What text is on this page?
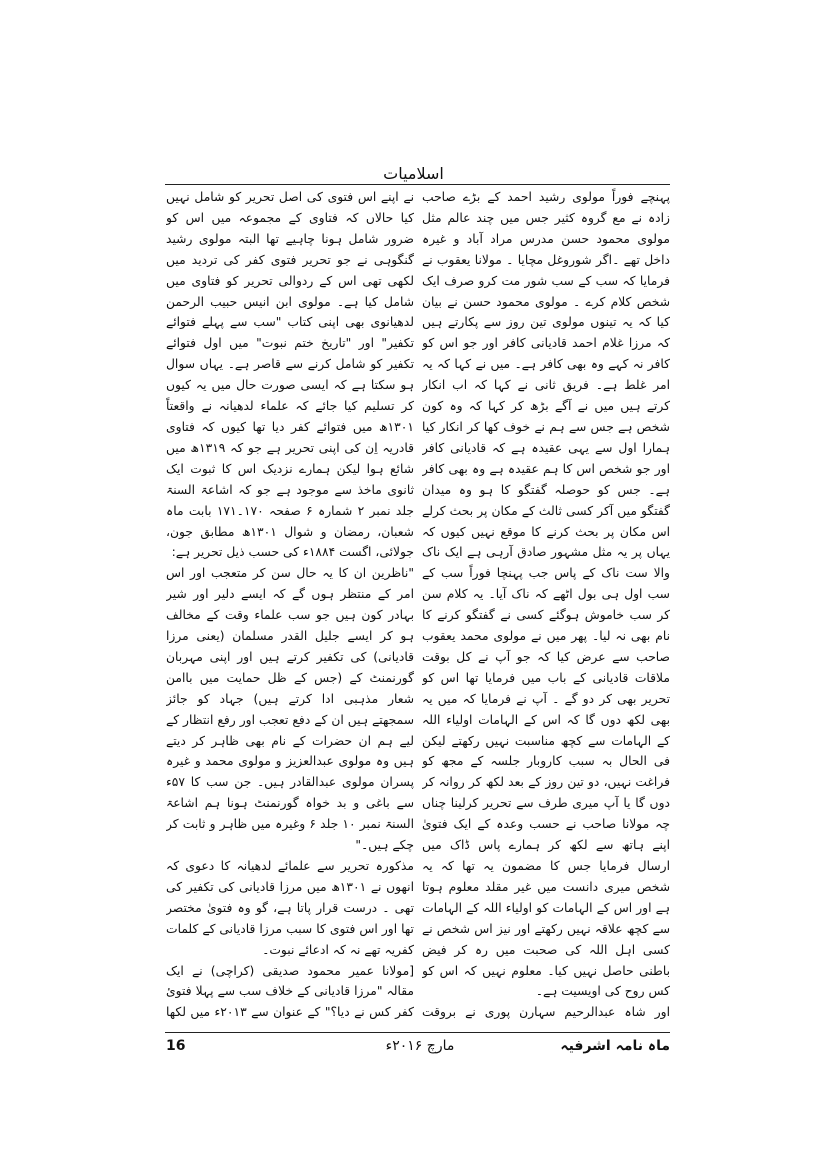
اسلامیات

پہنچے فوراً مولوی رشید احمد کے بڑے صاحب زادہ نے مع گروہ کثیر جس میں چند عالم مثل مولوی محمود حسن مدرس مراد آباد و غیرہ داخل تھے ۔اگر شوروغل مچایا ۔ مولانا یعقوب نے فرمایا کہ سب کے سب شور مت کرو صرف ایک شخص کلام کرے ۔ مولوی محمود حسن نے بیان کیا کہ یہ تینوں مولوی تین روز سے پکارتے ہیں کہ مرزا غلام احمد قادیانی کافر اور جو اس کو کافر نہ کہے وہ بھی کافر ہے۔ میں نے کہا کہ یہ امر غلط ہے۔ فریق ثانی نے کہا کہ اب انکار کرتے ہیں میں نے آگے بڑھ کر کہا کہ وہ کون شخص ہے جس سے ہم نے خوف کھا کر انکار کیا ہمارا اول سے یہی عقیدہ ہے کہ قادیانی کافر اور جو شخص اس کا ہم عقیدہ ہے وہ بھی کافر ہے۔ جس کو حوصلہ گفتگو کا ہو وہ میدان گفتگو میں آکر کسی ثالث کے مکان پر بحث کرلے اس مکان پر بحث کرنے کا موقع نہیں کیوں کہ یہاں پر یہ مثل مشہور صادق آرہی ہے ایک ناک والا ست ناک کے پاس جب پہنچا فوراً سب کے سب اول ہی بول اٹھے کہ ناک آیا۔ یہ کلام سن کر سب خاموش ہوگئے کسی نے گفتگو کرنے کا نام بھی نہ لیا۔ پھر میں نے مولوی محمد یعقوب صاحب سے عرض کیا کہ جو آپ نے کل بوقت ملاقات قادیانی کے باب میں فرمایا تھا اس کو تحریر بھی کر دو گے ۔ آپ نے فرمایا کہ میں یہ بھی لکھ دوں گا کہ اس کے الہامات اولیاء اللہ کے الہامات سے کچھ مناسبت نہیں رکھتے لیکن فی الحال بہ سبب کاروبار جلسہ کے مجھ کو فراغت نہیں، دو تین روز کے بعد لکھ کر روانہ کر دوں گا یا آپ میری طرف سے تحریر کرلینا چناں چہ مولانا صاحب نے حسب وعدہ کے ایک فتویٰ اپنے ہاتھ سے لکھ کر ہمارے پاس ڈاک میں ارسال فرمایا جس کا مضمون یہ تھا کہ یہ شخص میری دانست میں غیر مقلد معلوم ہوتا ہے اور اس کے الہامات کو اولیاء اللہ کے الہامات سے کچھ علاقہ نہیں رکھتے اور نیز اس شخص نے کسی اہل اللہ کی صحبت میں رہ کر فیض باطنی حاصل نہیں کیا۔ معلوم نہیں کہ اس کو کس روح کی اویسیت ہے۔

اور شاہ عبدالرحیم سہارن پوری نے بروقت

نے اپنے اس فتوی کی اصل تحریر کو شامل نہیں کیا حالاں کہ فتاوی کے مجموعہ میں اس کو ضرور شامل ہونا چاہیے تھا البتہ مولوی رشید گنگوہی نے جو تحریر فتوی کفر کی تردید میں لکھی تھی اس کے ردوالی تحریر کو فتاوی میں شامل کیا ہے۔ مولوی ابن انیس حبیب الرحمن لدھیانوی بھی اپنی کتاب "سب سے پہلے فتوائے تکفیر" اور "تاریخ ختم نبوت" میں اول فتوائے تکفیر کو شامل کرنے سے قاصر ہے۔ یہاں سوال ہو سکتا ہے کہ ایسی صورت حال میں یہ کیوں کر تسلیم کیا جائے کہ علماء لدھیانہ نے واقعتاً ۱۳۰۱ھ میں فتوائے کفر دیا تھا کیوں کہ فتاوی قادریہ اِن کی اپنی تحریر ہے جو کہ ۱۳۱۹ھ میں شائع ہوا لیکن ہمارے نزدیک اس کا ثبوت ایک ثانوی ماخذ سے موجود ہے جو کہ اشاعۃ السنۃ جلد نمبر ۲ شمارہ ۶ صفحہ ۱۷۰۔۱۷۱ بابت ماہ شعبان، رمضان و شوال ۱۳۰۱ھ مطابق جون، جولائی، اگست ۱۸۸۴ء کی حسب ذیل تحریر ہے:

"ناظرین ان کا یہ حال سن کر متعجب اور اس امر کے منتظر ہوں گے کہ ایسے دلیر اور شیر بہادر کون ہیں جو سب علماء وقت کے مخالف ہو کر ایسے جلیل القدر مسلمان (یعنی مرزا قادیانی) کی تکفیر کرتے ہیں اور اپنی مہربان گورنمنٹ کے (جس کے ظل حمایت میں باامن شعار مذہبی ادا کرتے ہیں) جہاد کو جائز سمجھتے ہیں ان کے دفع تعجب اور رفع انتظار کے لیے ہم ان حضرات کے نام بھی ظاہر کر دیتے ہیں وہ مولوی عبدالعزیز و مولوی محمد و غیرہ پسران مولوی عبدالقادر ہیں۔ جن سب کا ۵۷ء سے باغی و بد خواہ گورنمنٹ ہونا ہم اشاعۃ السنۃ نمبر ۱۰ جلد ۶ وغیرہ میں ظاہر و ثابت کر چکے ہیں۔"

مذکورہ تحریر سے علمائے لدھیانہ کا دعوی کہ انھوں نے ۱۳۰۱ھ میں مرزا قادیانی کی تکفیر کی تھی ۔ درست قرار پاتا ہے، گو وہ فتویٰ مختصر تھا اور اس فتوی کا سبب مرزا قادیانی کے کلمات کفریہ تھے نہ کہ ادعائے نبوت۔

[مولانا عمیر محمود صدیقی (کراچی) نے ایک مقالہ "مرزا قادیانی کے خلاف سب سے پہلا فتوئ کفر کس نے دیا؟" کے عنوان سے ۲۰۱۳ء میں لکھا

ماہ نامہ اشرفیہ
مارچ ۲۰۱۶ء
16
